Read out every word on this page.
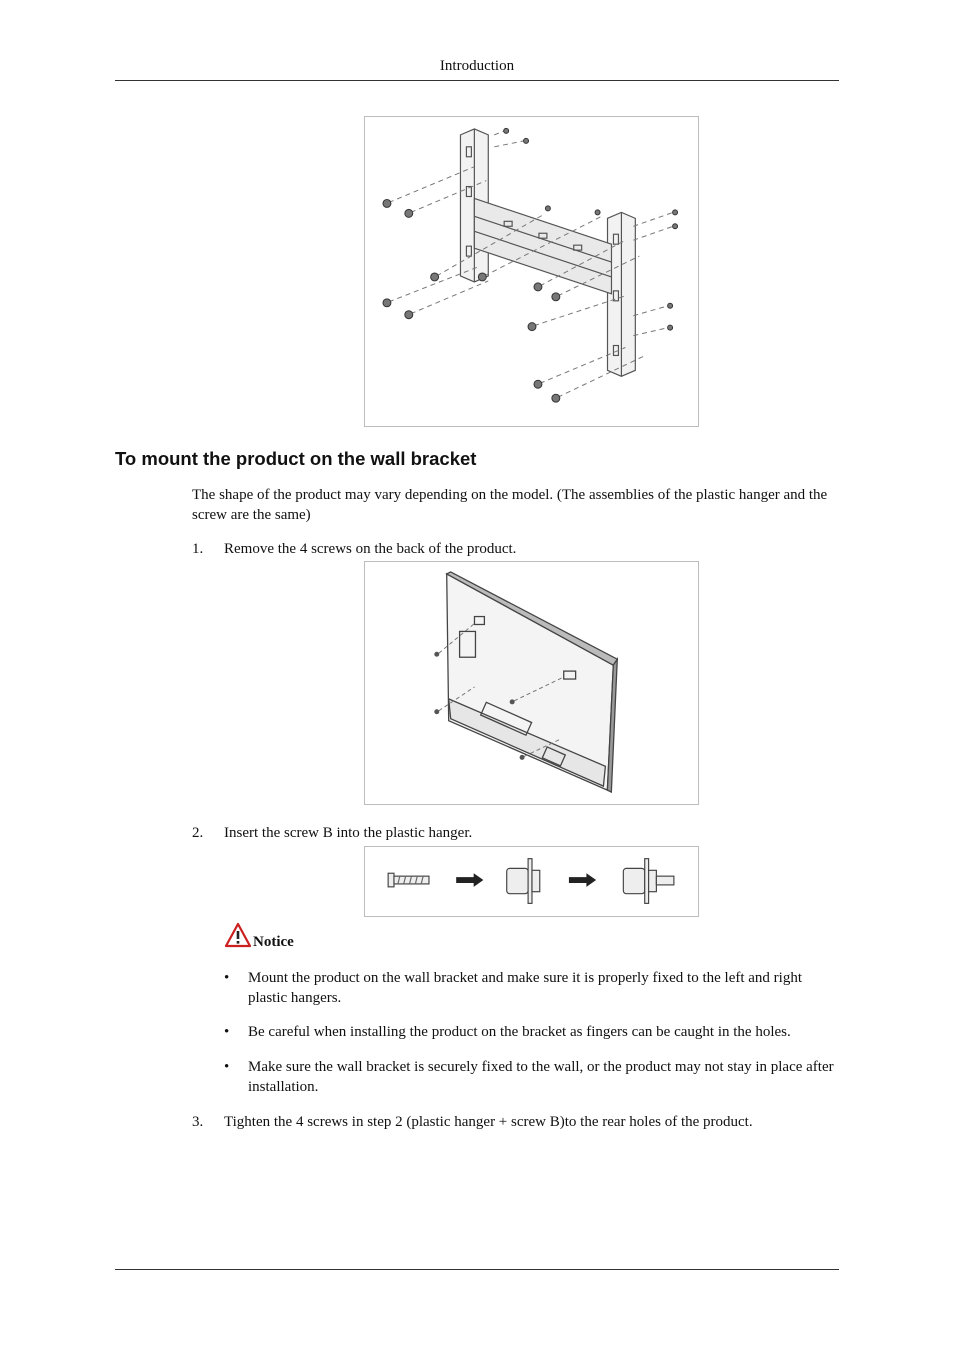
Introduction
To mount the product on the wall bracket
The shape of the product may vary depending on the model. (The assemblies of the plastic hanger and the screw are the same)
1.	Remove the 4 screws on the back of the product.
2.	Insert the screw B into the plastic hanger.
Notice
• Mount the product on the wall bracket and make sure it is properly fixed to the left and right plastic hangers.
• Be careful when installing the product on the bracket as fingers can be caught in the holes.
• Make sure the wall bracket is securely fixed to the wall, or the product may not stay in place after installation.
3.	Tighten the 4 screws in step 2 (plastic hanger + screw B)to the rear holes of the product.
